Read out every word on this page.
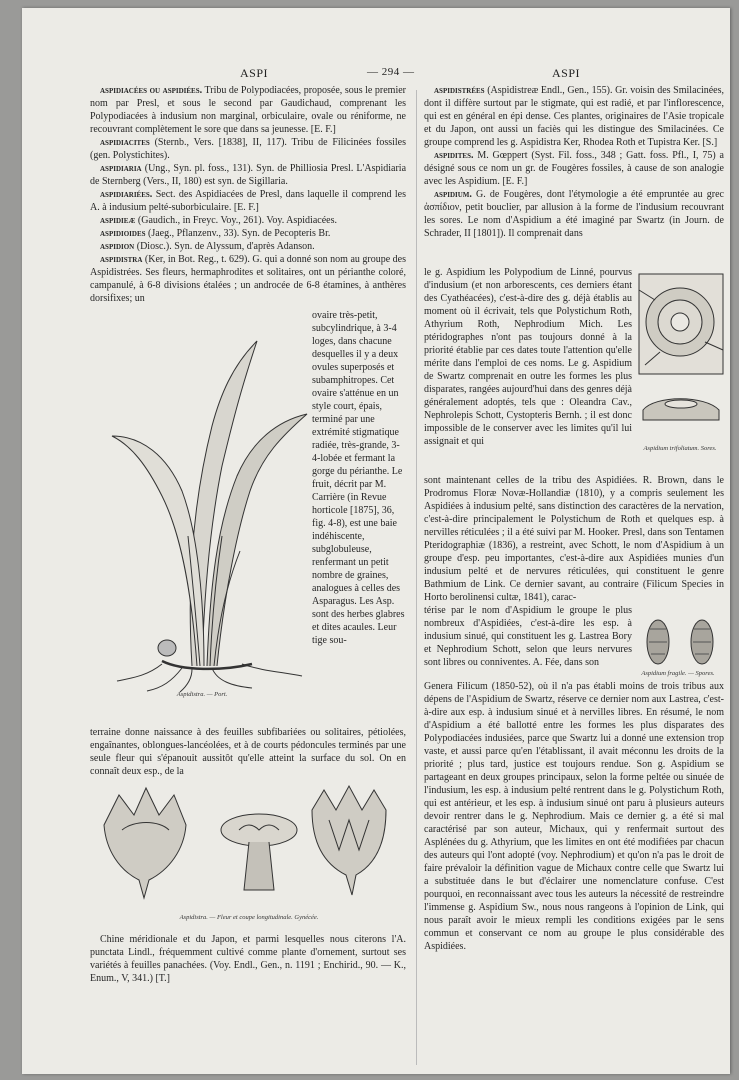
ASPI	— 294 —	ASPI

aspidiacées ou aspidiées. Tribu de Polypodiacées, proposée, sous le premier nom par Presl, et sous le second par Gaudichaud, comprenant les Polypodiacées à indusium non marginal, orbiculaire, ovale ou réniforme, ne recouvrant complètement le sore que dans sa jeunesse. [E. F.]

aspidiacites (Sternb., Vers. [1838], II, 117). Tribu de Filicinées fossiles (gen. Polystichites).

aspidiaria (Ung., Syn. pl. foss., 131). Syn. de Philliosia Presl. L'Aspidiaria de Sternberg (Vers., II, 180) est syn. de Sigillaria.

aspidiariées. Sect. des Aspidiacées de Presl, dans laquelle il comprend les A. à indusium pelté-suborbiculaire. [E. F.]

aspidieæ (Gaudich., in Freyc. Voy., 261). Voy. Aspidiacées.

aspidioides (Jaeg., Pflanzenv., 33). Syn. de Pecopteris Br.

aspidion (Diosc.). Syn. de Alyssum, d'après Adanson.

aspidistra (Ker, in Bot. Reg., t. 629). G. qui a donné son nom au groupe des Aspidistrées. Ses fleurs, hermaphrodites et solitaires, ont un périanthe coloré, campanulé, à 6-8 divisions étalées ; un androcée de 6-8 étamines, à anthères dorsifixes; un

Aspidistra. — Port.

ovaire très-petit, subcylindrique, à 3-4 loges, dans chacune desquelles il y a deux ovules superposés et subamphitropes. Cet ovaire s'atténue en un style court, épais, terminé par une extrémité stigmatique radiée, très-grande, 3-4-lobée et fermant la gorge du périanthe. Le fruit, décrit par M. Carrière (in Revue horticole [1875], 36, fig. 4-8), est une baie indéhiscente, subglobuleuse, renfermant un petit nombre de graines, analogues à celles des Asparagus. Les Asp. sont des herbes glabres et dites acaules. Leur tige sou-

terraine donne naissance à des feuilles subfibariées ou solitaires, pétiolées, engaînantes, oblongues-lancéolées, et à de courts pédoncules terminés par une seule fleur qui s'épanouit aussitôt qu'elle atteint la surface du sol. On en connaît deux esp., de la

Aspidistra. — Fleur et coupe longitudinale. Gynécée.

Chine méridionale et du Japon, et parmi lesquelles nous citerons l'A. punctata Lindl., fréquemment cultivé comme plante d'ornement, surtout ses variétés à feuilles panachées. (Voy. Endl., Gen., n. 1191 ; Enchirid., 90. — K., Enum., V, 341.) [T.]

aspidistrées (Aspidistreæ Endl., Gen., 155). Gr. voisin des Smilacinées, dont il diffère surtout par le stigmate, qui est radié, et par l'inflorescence, qui est en général en épi dense. Ces plantes, originaires de l'Asie tropicale et du Japon, ont aussi un faciès qui les distingue des Smilacinées. Ce groupe comprend les g. Aspidistra Ker, Rhodea Roth et Tupistra Ker. [S.]

aspidites. M. Gœppert (Syst. Fil. foss., 348 ; Gatt. foss. Pfl., I, 75) a désigné sous ce nom un gr. de Fougères fossiles, à cause de son analogie avec les Aspidium. [E. F.]

aspidium. G. de Fougères, dont l'étymologie a été empruntée au grec ἀσπίδιον, petit bouclier, par allusion à la forme de l'indusium recouvrant les sores. Le nom d'Aspidium a été imaginé par Swartz (in Journ. de Schrader, II [1801]). Il comprenait dans

le g. Aspidium les Polypodium de Linné, pourvus d'indusium (et non arborescents, ces derniers étant des Cyathéacées), c'est-à-dire des g. déjà établis au moment où il écrivait, tels que Polystichum Roth, Athyrium Roth, Nephrodium Mich. Les ptéridographes n'ont pas toujours donné à la priorité établie par ces dates toute l'attention qu'elle mérite dans l'emploi de ces noms. Le g. Aspidium de Swartz comprenait en outre les formes les plus disparates, rangées aujourd'hui dans des genres déjà généralement adoptés, tels que : Oleandra Cav., Nephrolepis Schott, Cystopteris Bernh. ; il est donc impossible de le conserver avec les limites qu'il lui assignait et qui

Aspidium trifoliatum. Sores.

sont maintenant celles de la tribu des Aspidiées. R. Brown, dans le Prodromus Floræ Novæ-Hollandiæ (1810), y a compris seulement les Aspidiées à indusium pelté, sans distinction des caractères de la nervation, c'est-à-dire principalement le Polystichum de Roth et quelques esp. à nervilles réticulées ; il a été suivi par M. Hooker. Presl, dans son Tentamen Pteridographiæ (1836), a restreint, avec Schott, le nom d'Aspidium à un groupe d'esp. peu importantes, c'est-à-dire aux Aspidiées munies d'un indusium pelté et de nervures réticulées, qui constituent le genre Bathmium de Link. Ce dernier savant, au contraire (Filicum Species in Horto berolinensi cultæ, 1841), carac-

térise par le nom d'Aspidium le groupe le plus nombreux d'Aspidiées, c'est-à-dire les esp. à indusium sinué, qui constituent les g. Lastrea Bory et Nephrodium Schott, selon que leurs nervures sont libres ou conniventes. A. Fée, dans son

Aspidium fragile. — Spores.

Genera Filicum (1850-52), où il n'a pas établi moins de trois tribus aux dépens de l'Aspidium de Swartz, réserve ce dernier nom aux Lastrea, c'est-à-dire aux esp. à indusium sinué et à nervilles libres. En résumé, le nom d'Aspidium a été ballotté entre les formes les plus disparates des Polypodiacées indusiées, parce que Swartz lui a donné une extension trop vaste, et aussi parce qu'en l'établissant, il avait méconnu les droits de la priorité ; plus tard, justice est toujours rendue. Son g. Aspidium se partageant en deux groupes principaux, selon la forme peltée ou sinuée de l'indusium, les esp. à indusium pelté rentrent dans le g. Polystichum Roth, qui est antérieur, et les esp. à indusium sinué ont paru à plusieurs auteurs devoir rentrer dans le g. Nephrodium. Mais ce dernier g. a été si mal caractérisé par son auteur, Michaux, qui y renfermait surtout des Asplénées du g. Athyrium, que les limites en ont été modifiées par chacun des auteurs qui l'ont adopté (voy. Nephrodium) et qu'on n'a pas le droit de faire prévaloir la définition vague de Michaux contre celle que Swartz lui a substituée dans le but d'éclairer une nomenclature confuse. C'est pourquoi, en reconnaissant avec tous les auteurs la nécessité de restreindre l'immense g. Aspidium Sw., nous nous rangeons à l'opinion de Link, qui nous paraît avoir le mieux rempli les conditions exigées par le sens commun et conservant ce nom au groupe le plus considérable des Aspidiées.
